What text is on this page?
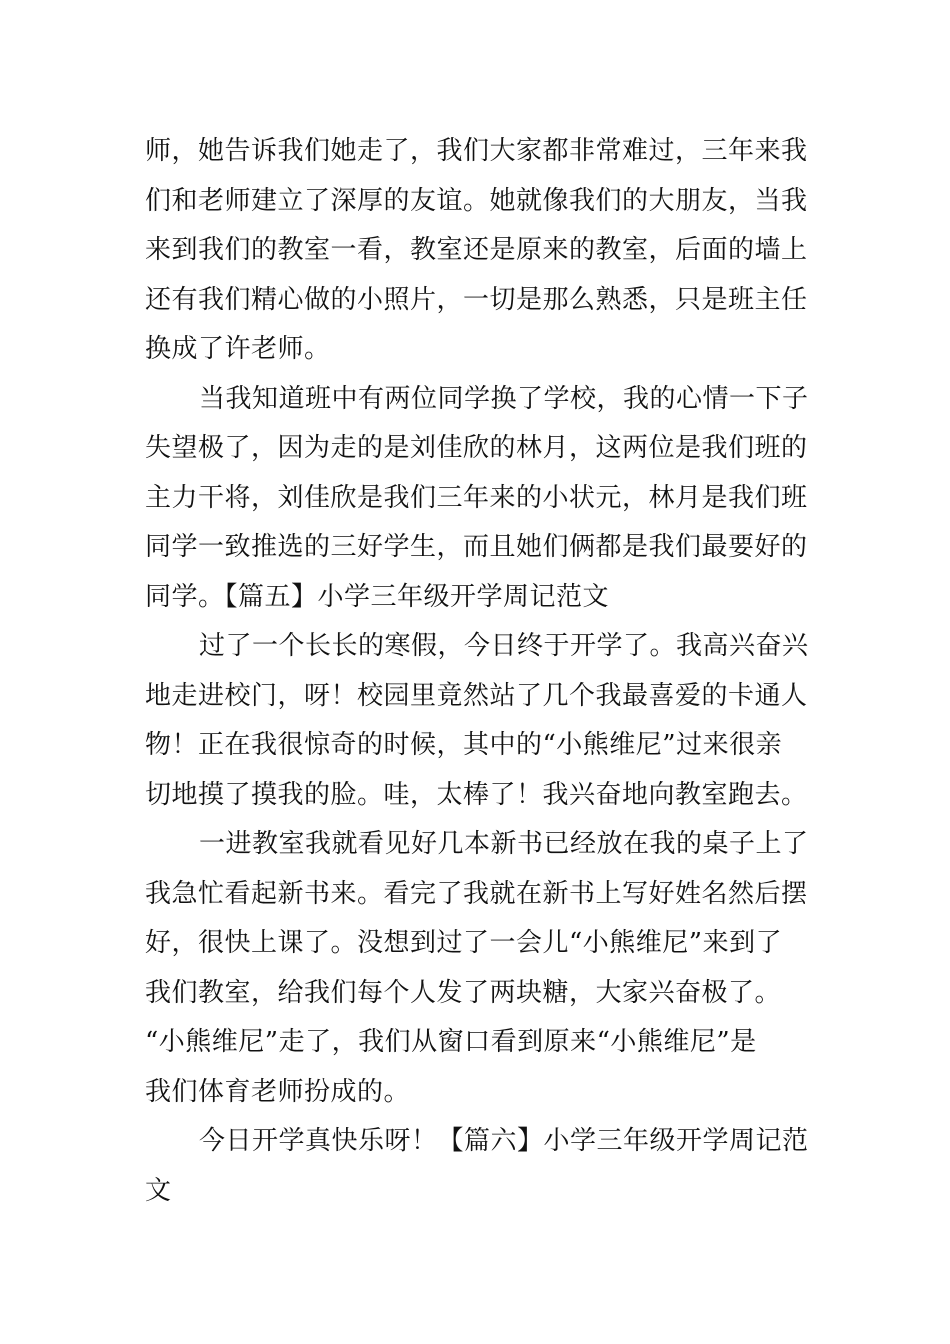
师，她告诉我们她走了，我们大家都非常难过，三年来我
们和老师建立了深厚的友谊。她就像我们的大朋友，当我
来到我们的教室一看，教室还是原来的教室，后面的墙上
还有我们精心做的小照片，一切是那么熟悉，只是班主任
换成了许老师。
当我知道班中有两位同学换了学校，我的心情一下子
失望极了，因为走的是刘佳欣的林月，这两位是我们班的
主力干将，刘佳欣是我们三年来的小状元，林月是我们班
同学一致推选的三好学生，而且她们俩都是我们最要好的
同学。【篇五】小学三年级开学周记范文
过了一个长长的寒假，今日终于开学了。我高兴奋兴
地走进校门，呀！校园里竟然站了几个我最喜爱的卡通人
物！正在我很惊奇的时候，其中的“小熊维尼”过来很亲
切地摸了摸我的脸。哇，太棒了！我兴奋地向教室跑去。
一进教室我就看见好几本新书已经放在我的桌子上了
我急忙看起新书来。看完了我就在新书上写好姓名然后摆
好，很快上课了。没想到过了一会儿“小熊维尼”来到了
我们教室，给我们每个人发了两块糖，大家兴奋极了。
“小熊维尼”走了，我们从窗口看到原来“小熊维尼”是
我们体育老师扮成的。
今日开学真快乐呀！【篇六】小学三年级开学周记范
文
